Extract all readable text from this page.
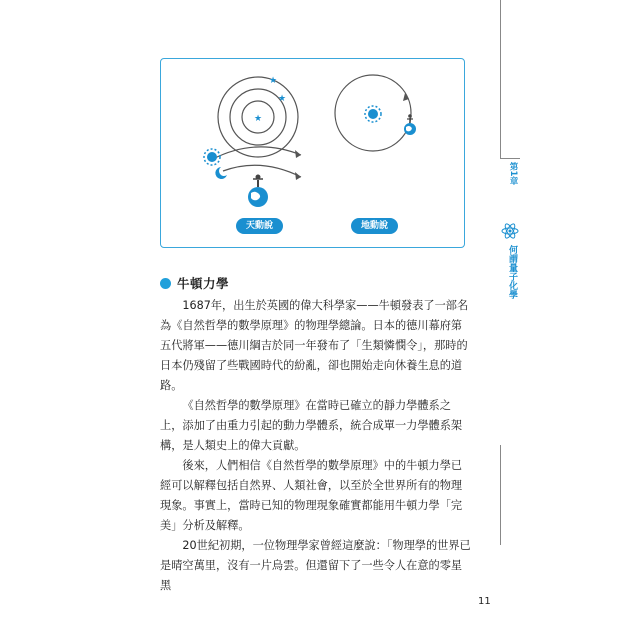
★
★
★
天動說	地動說
牛頓力學

1687年，出生於英國的偉大科學家——牛頓發表了一部名為《自然哲學的數學原理》的物理學總論。日本的德川幕府第五代將軍——德川綱吉於同一年發布了「生類憐憫令」，那時的日本仍殘留了些戰國時代的紛亂，卻也開始走向休養生息的道路。

《自然哲學的數學原理》在當時已確立的靜力學體系之上，添加了由重力引起的動力學體系，統合成單一力學體系架構，是人類史上的偉大貢獻。

後來，人們相信《自然哲學的數學原理》中的牛頓力學已經可以解釋包括自然界、人類社會，以至於全世界所有的物理現象。事實上，當時已知的物理現象確實都能用牛頓力學「完美」分析及解釋。

20世紀初期，一位物理學家曾經這麼說：「物理學的世界已是晴空萬里，沒有一片烏雲。但還留下了一些令人在意的零星黑

第1章
何謂量子化學
11
